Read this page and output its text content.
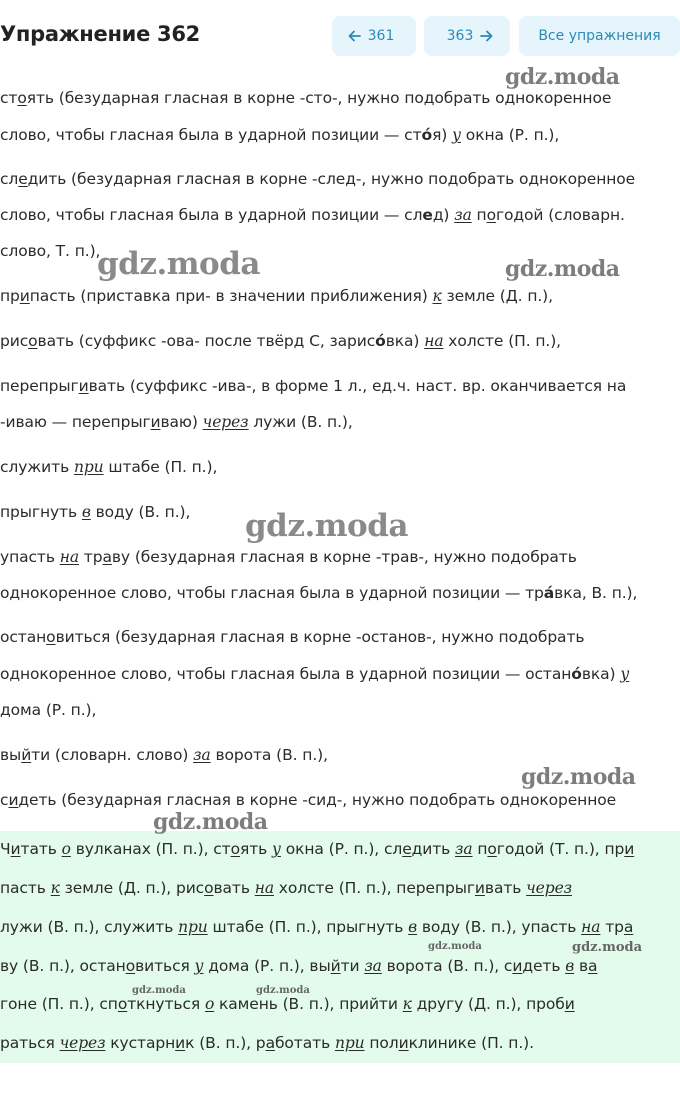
Упражнение 362	361	363	Все упражнения
стоять (безударная гласная в корне -сто-, нужно подобрать однокоренное
слово, чтобы гласная была в ударной позиции — сто́я) у окна (Р. п.),
следить (безударная гласная в корне -след-, нужно подобрать однокоренное
слово, чтобы гласная была в ударной позиции — след) за погодой (словарн.
слово, Т. п.),
припасть (приставка при- в значении приближения) к земле (Д. п.),
рисовать (суффикс -ова- после твёрд С, зарисо́вка) на холсте (П. п.),
перепрыгивать (суффикс -ива-, в форме 1 л., ед.ч. наст. вр. оканчивается на
-иваю — перепрыгиваю) через лужи (В. п.),
служить при штабе (П. п.),
прыгнуть в воду (В. п.),
упасть на траву (безударная гласная в корне -трав-, нужно подобрать
однокоренное слово, чтобы гласная была в ударной позиции — тра́вка, В. п.),
остановиться (безударная гласная в корне -останов-, нужно подобрать
однокоренное слово, чтобы гласная была в ударной позиции — остано́вка) у
дома (Р. п.),
выйти (словарн. слово) за ворота (В. п.),
сидеть (безударная гласная в корне -сид-, нужно подобрать однокоренное
Читать о вулканах (П. п.), стоять у окна (Р. п.), следить за погодой (Т. п.), при
пасть к земле (Д. п.), рисовать на холсте (П. п.), перепрыгивать через
лужи (В. п.), служить при штабе (П. п.), прыгнуть в воду (В. п.), упасть на тра
ву (В. п.), остановиться у дома (Р. п.), выйти за ворота (В. п.), сидеть в ва
гоне (П. п.), споткнуться о камень (В. п.), прийти к другу (Д. п.), проби
раться через кустарник (В. п.), работать при поликлинике (П. п.).
gdz.moda
gdz.moda	gdz.moda
gdz.moda
gdz.moda
gdz.moda
gdz.moda	gdz.moda
gdz.moda	gdz.moda
